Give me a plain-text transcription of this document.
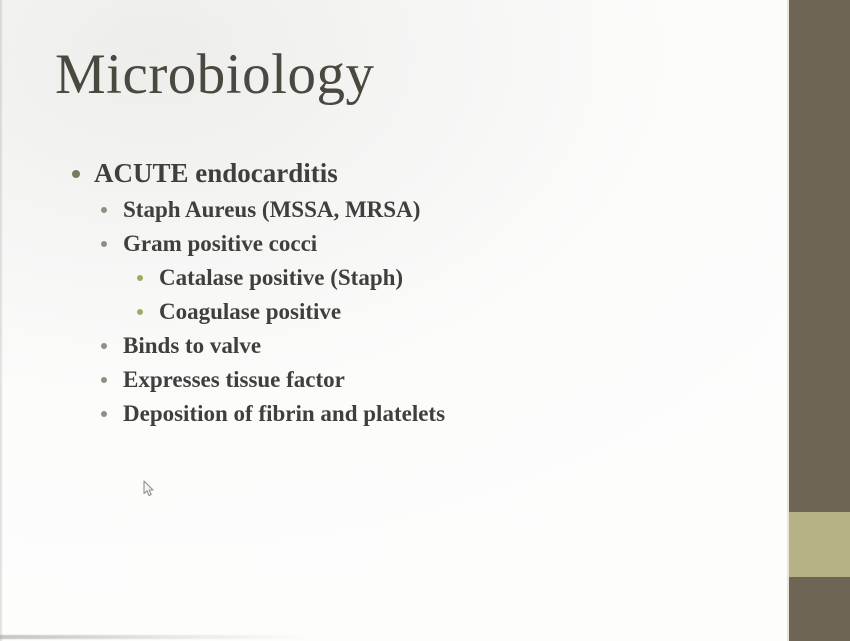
Microbiology
ACUTE endocarditis
Staph Aureus (MSSA, MRSA)
Gram positive cocci
Catalase positive (Staph)
Coagulase positive
Binds to valve
Expresses tissue factor
Deposition of fibrin and platelets
